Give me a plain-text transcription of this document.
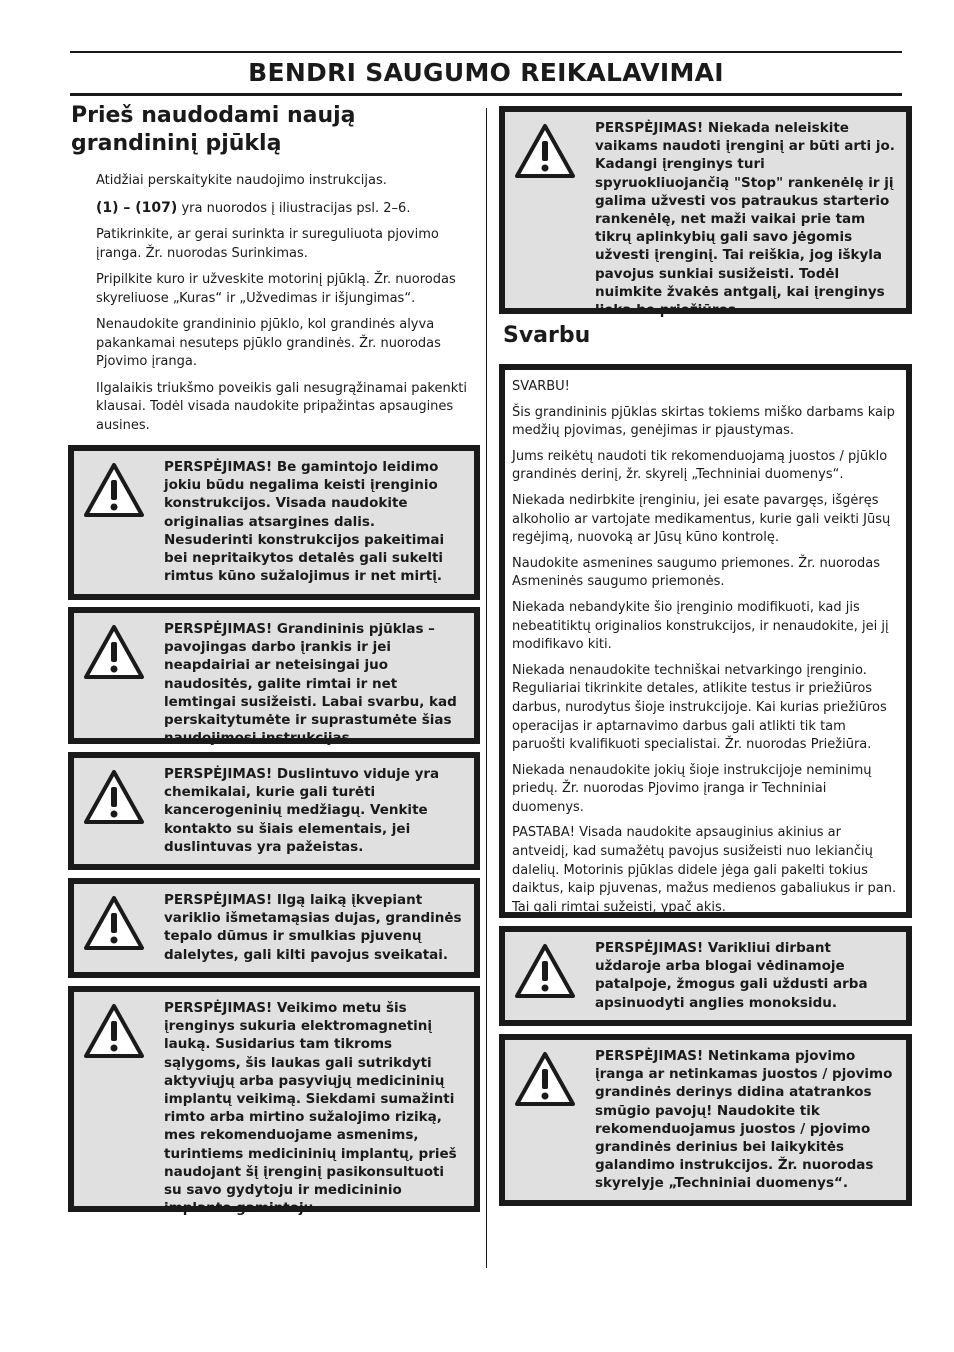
BENDRI SAUGUMO REIKALAVIMAI
Prieš naudodami naują grandininį pjūklą

Atidžiai perskaitykite naudojimo instrukcijas.

(1) – (107) yra nuorodos į iliustracijas psl. 2–6.

Patikrinkite, ar gerai surinkta ir sureguliuota pjovimo įranga. Žr. nuorodas Surinkimas.

Pripilkite kuro ir užveskite motorinį pjūklą. Žr. nuorodas skyreliuose „Kuras“ ir „Užvedimas ir išjungimas“.

Nenaudokite grandininio pjūklo, kol grandinės alyva pakankamai nesuteps pjūklo grandinės. Žr. nuorodas Pjovimo įranga.

Ilgalaikis triukšmo poveikis gali nesugrąžinamai pakenkti klausai. Todėl visada naudokite pripažintas apsaugines ausines.

PERSPĖJIMAS! Be gamintojo leidimo jokiu būdu negalima keisti įrenginio konstrukcijos. Visada naudokite originalias atsargines dalis. Nesuderinti konstrukcijos pakeitimai bei nepritaikytos detalės gali sukelti rimtus kūno sužalojimus ir net mirtį.
PERSPĖJIMAS! Grandininis pjūklas – pavojingas darbo įrankis ir jei neapdairiai ar neteisingai juo naudositės, galite rimtai ir net lemtingai susižeisti. Labai svarbu, kad perskaitytumėte ir suprastumėte šias naudojimosi instrukcijas.
PERSPĖJIMAS! Duslintuvo viduje yra chemikalai, kurie gali turėti kancerogeninių medžiagų. Venkite kontakto su šiais elementais, jei duslintuvas yra pažeistas.
PERSPĖJIMAS! Ilgą laiką įkvepiant variklio išmetamąsias dujas, grandinės tepalo dūmus ir smulkias pjuvenų dalelytes, gali kilti pavojus sveikatai.
PERSPĖJIMAS! Veikimo metu šis įrenginys sukuria elektromagnetinį lauką. Susidarius tam tikroms sąlygoms, šis laukas gali sutrikdyti aktyviųjų arba pasyviųjų medicininių implantų veikimą. Siekdami sumažinti rimto arba mirtino sužalojimo riziką, mes rekomenduojame asmenims, turintiems medicininių implantų, prieš naudojant šį įrenginį pasikonsultuoti su savo gydytoju ir medicininio implanto gamintoju.
PERSPĖJIMAS! Niekada neleiskite vaikams naudoti įrenginį ar būti arti jo. Kadangi įrenginys turi spyruokliuojančią "Stop" rankenėlę ir jį galima užvesti vos patraukus starterio rankenėlę, net maži vaikai prie tam tikrų aplinkybių gali savo jėgomis užvesti įrenginį. Tai reiškia, jog iškyla pavojus sunkiai susižeisti. Todėl nuimkite žvakės antgalį, kai įrenginys lieka be priežiūros.
Svarbu

SVARBU!

Šis grandininis pjūklas skirtas tokiems miško darbams kaip medžių pjovimas, genėjimas ir pjaustymas.

Jums reikėtų naudoti tik rekomenduojamą juostos / pjūklo grandinės derinį, žr. skyrelį „Techniniai duomenys“.

Niekada nedirbkite įrenginiu, jei esate pavargęs, išgėręs alkoholio ar vartojate medikamentus, kurie gali veikti Jūsų regėjimą, nuovoką ar Jūsų kūno kontrolę.

Naudokite asmenines saugumo priemones. Žr. nuorodas Asmeninės saugumo priemonės.

Niekada nebandykite šio įrenginio modifikuoti, kad jis nebeatitiktų originalios konstrukcijos, ir nenaudokite, jei jį modifikavo kiti.

Niekada nenaudokite techniškai netvarkingo įrenginio. Reguliariai tikrinkite detales, atlikite testus ir priežiūros darbus, nurodytus šioje instrukcijoje. Kai kurias priežiūros operacijas ir aptarnavimo darbus gali atlikti tik tam paruošti kvalifikuoti specialistai. Žr. nuorodas Priežiūra.

Niekada nenaudokite jokių šioje instrukcijoje neminimų priedų. Žr. nuorodas Pjovimo įranga ir Techniniai duomenys.

PASTABA! Visada naudokite apsauginius akinius ar antveidį, kad sumažėtų pavojus susižeisti nuo lekiančių dalelių. Motorinis pjūklas didele jėga gali pakelti tokius daiktus, kaip pjuvenas, mažus medienos gabaliukus ir pan. Tai gali rimtai sužeisti, ypač akis.

PERSPĖJIMAS! Varikliui dirbant uždaroje arba blogai vėdinamoje patalpoje, žmogus gali uždusti arba apsinuodyti anglies monoksidu.
PERSPĖJIMAS! Netinkama pjovimo įranga ar netinkamas juostos / pjovimo grandinės derinys didina atatrankos smūgio pavojų! Naudokite tik rekomenduojamus juostos / pjovimo grandinės derinius bei laikykitės galandimo instrukcijos. Žr. nuorodas skyrelyje „Techniniai duomenys“.
